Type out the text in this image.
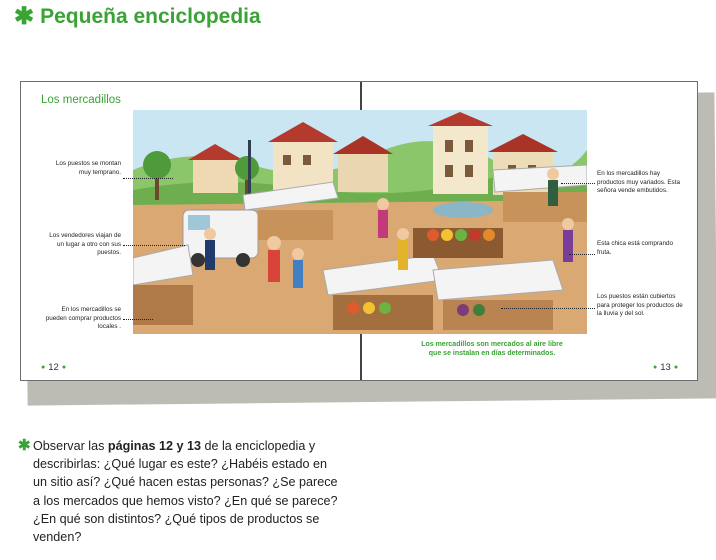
✱ Pequeña enciclopedia
Los mercadillos
Los puestos se montan muy temprano.
Los vendedores viajan de un lugar a otro con sus puestos.
En los mercadillos se pueden comprar productos locales .
En los mercadillos hay productos muy variados. Esta señora vende embutidos.
Esta chica está comprando fruta.
Los puestos están cubiertos para proteger los productos de la lluvia y del sol.
Los mercadillos son mercados al aire libre
que se instalan en días determinados.
● 12 ●	● 13 ●
✱ Observar las páginas 12 y 13 de la enciclopedia y describirlas: ¿Qué lugar es este? ¿Habéis estado en un sitio así? ¿Qué hacen estas personas? ¿Se parece a los mercados que hemos visto? ¿En qué se parece? ¿En qué son distintos? ¿Qué tipos de productos se venden?
